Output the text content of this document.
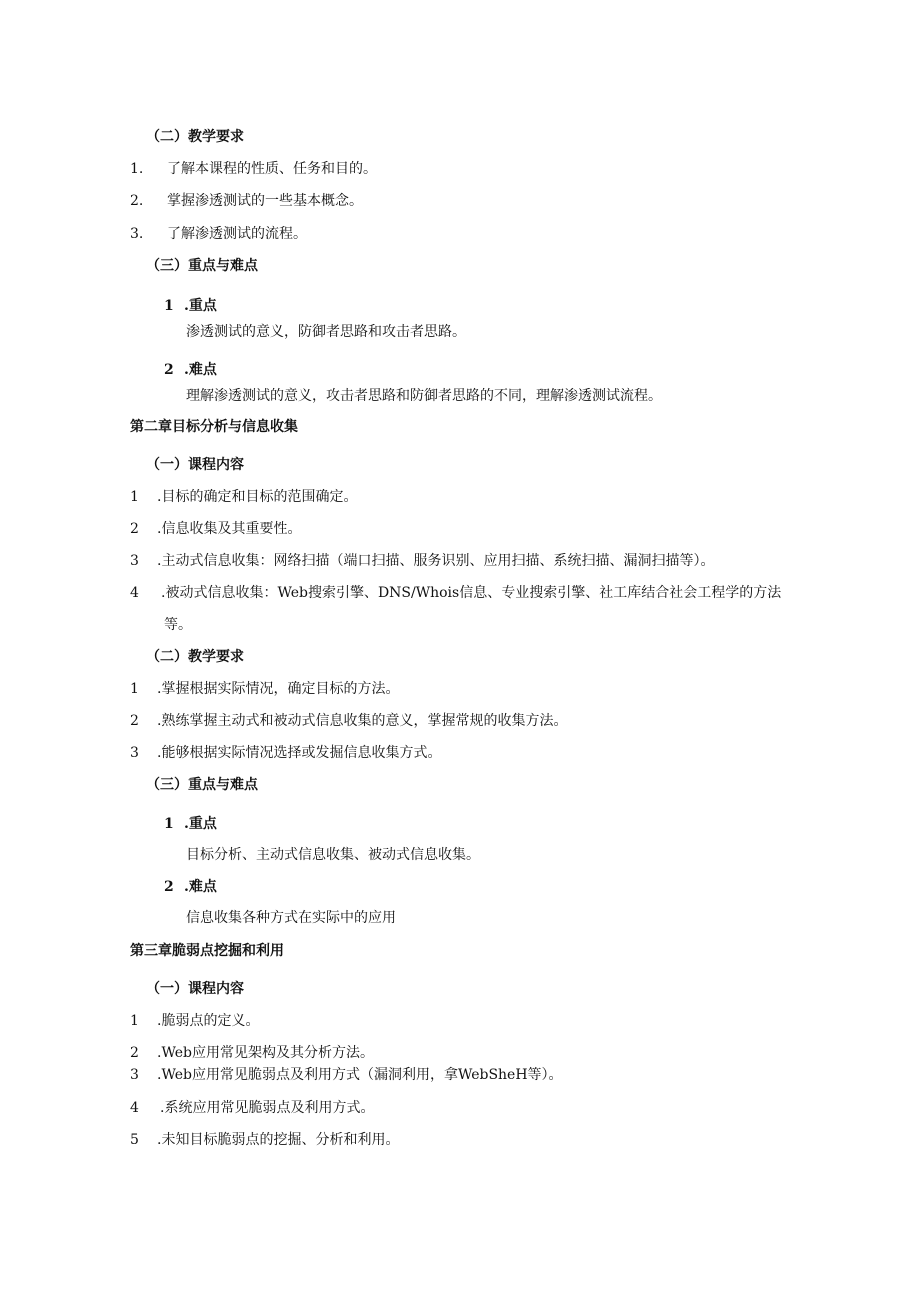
（二）教学要求
1. 了解本课程的性质、任务和目的。
2. 掌握渗透测试的一些基本概念。
3. 了解渗透测试的流程。
（三）重点与难点
1 .重点
渗透测试的意义，防御者思路和攻击者思路。
2 .难点
理解渗透测试的意义，攻击者思路和防御者思路的不同，理解渗透测试流程。
第二章目标分析与信息收集
（一）课程内容
1 .目标的确定和目标的范围确定。
2 .信息收集及其重要性。
3 .主动式信息收集：网络扫描（端口扫描、服务识别、应用扫描、系统扫描、漏洞扫描等）。
4 .被动式信息收集：Web搜索引擎、DNS/Whois信息、专业搜索引擎、社工库结合社会工程学的方法
等。
（二）教学要求
1 .掌握根据实际情况，确定目标的方法。
2 .熟练掌握主动式和被动式信息收集的意义，掌握常规的收集方法。
3 .能够根据实际情况选择或发掘信息收集方式。
（三）重点与难点
1 .重点
目标分析、主动式信息收集、被动式信息收集。
2 .难点
信息收集各种方式在实际中的应用
第三章脆弱点挖掘和利用
（一）课程内容
1 .脆弱点的定义。
2 .Web应用常见架构及其分析方法。
3 .Web应用常见脆弱点及利用方式（漏洞利用，拿WebSheH等）。
4 .系统应用常见脆弱点及利用方式。
5 .未知目标脆弱点的挖掘、分析和利用。
